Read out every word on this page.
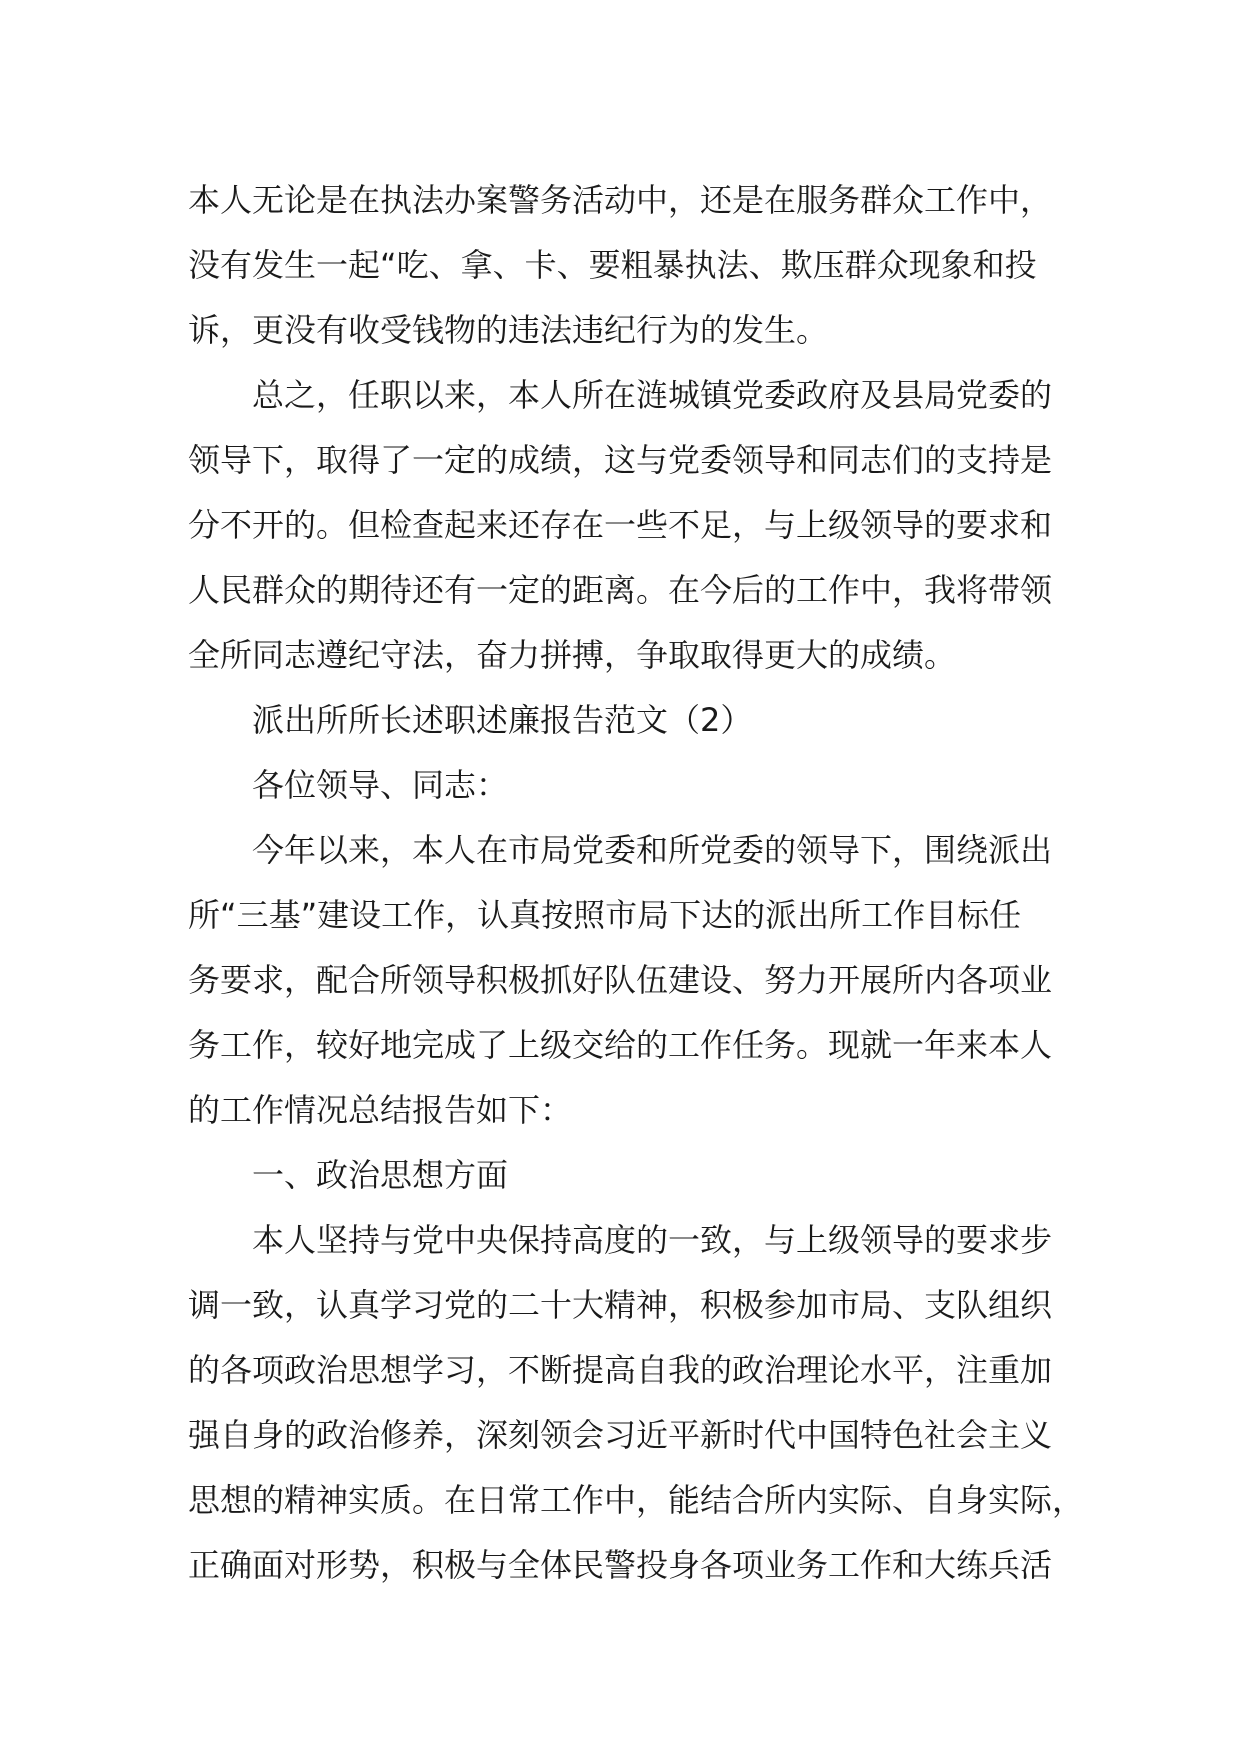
本人无论是在执法办案警务活动中，还是在服务群众工作中，
没有发生一起“吃、拿、卡、要粗暴执法、欺压群众现象和投
诉，更没有收受钱物的违法违纪行为的发生。
总之，任职以来，本人所在涟城镇党委政府及县局党委的
领导下，取得了一定的成绩，这与党委领导和同志们的支持是
分不开的。但检查起来还存在一些不足，与上级领导的要求和
人民群众的期待还有一定的距离。在今后的工作中，我将带领
全所同志遵纪守法，奋力拼搏，争取取得更大的成绩。
派出所所长述职述廉报告范文（2）
各位领导、同志：
今年以来，本人在市局党委和所党委的领导下，围绕派出
所“三基”建设工作，认真按照市局下达的派出所工作目标任
务要求，配合所领导积极抓好队伍建设、努力开展所内各项业
务工作，较好地完成了上级交给的工作任务。现就一年来本人
的工作情况总结报告如下：
一、政治思想方面
本人坚持与党中央保持高度的一致，与上级领导的要求步
调一致，认真学习党的二十大精神，积极参加市局、支队组织
的各项政治思想学习，不断提高自我的政治理论水平，注重加
强自身的政治修养，深刻领会习近平新时代中国特色社会主义
思想的精神实质。在日常工作中，能结合所内实际、自身实际，
正确面对形势，积极与全体民警投身各项业务工作和大练兵活
